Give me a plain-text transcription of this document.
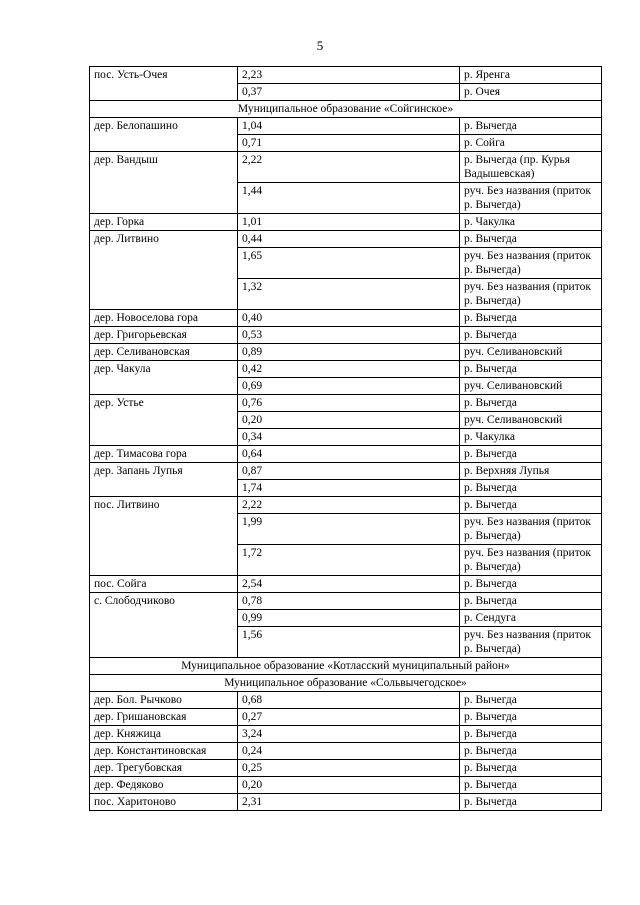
5
пос. Усть-Очея	2,23	р. Яренга
	0,37	р. Очея
Муниципальное образование «Сойгинское»		
дер. Белопашино	1,04	р. Вычегда
	0,71	р. Сойга
дер. Вандыш	2,22	р. Вычегда (пр. Курья Вадышевская)
	1,44	руч. Без названия (приток р. Вычегда)
дер. Горка	1,01	р. Чакулка
дер. Литвино	0,44	р. Вычегда
	1,65	руч. Без названия (приток р. Вычегда)
	1,32	руч. Без названия (приток р. Вычегда)
дер. Новоселова гора	0,40	р. Вычегда
дер. Григорьевская	0,53	р. Вычегда
дер. Селивановская	0,89	руч. Селивановский
дер. Чакула	0,42	р. Вычегда
	0,69	руч. Селивановский
дер. Устье	0,76	р. Вычегда
	0,20	руч. Селивановский
	0,34	р. Чакулка
дер. Тимасова гора	0,64	р. Вычегда
дер. Запань Лупья	0,87	р. Верхняя Лупья
	1,74	р. Вычегда
пос. Литвино	2,22	р. Вычегда
	1,99	руч. Без названия (приток р. Вычегда)
	1,72	руч. Без названия (приток р. Вычегда)
пос. Сойга	2,54	р. Вычегда
с. Слободчиково	0,78	р. Вычегда
	0,99	р. Сендуга
	1,56	руч. Без названия (приток р. Вычегда)
Муниципальное образование «Котласский муниципальный район»		
Муниципальное образование «Сольвычегодское»		
дер. Бол. Рычково	0,68	р. Вычегда
дер. Гришановская	0,27	р. Вычегда
дер. Княжица	3,24	р. Вычегда
дер. Константиновская	0,24	р. Вычегда
дер. Трегубовская	0,25	р. Вычегда
дер. Федяково	0,20	р. Вычегда
пос. Харитоново	2,31	р. Вычегда
